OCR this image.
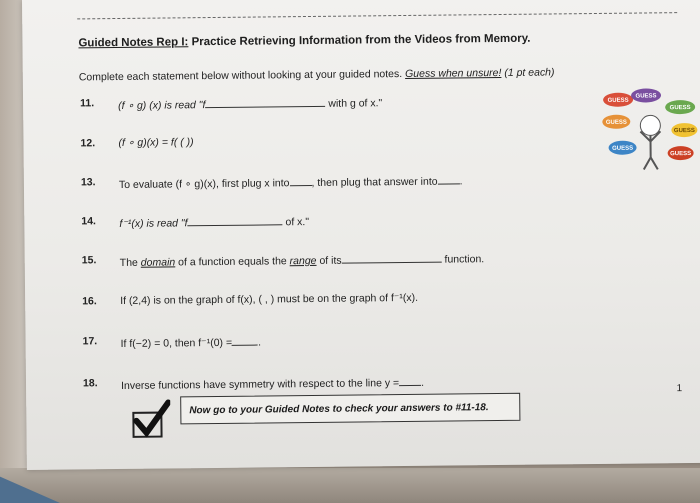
Guided Notes Rep I: Practice Retrieving Information from the Videos from Memory.
Complete each statement below without looking at your guided notes. Guess when unsure! (1 pt each)
11. (f ∘ g) (x) is read "f	with g of x."
12. (f ∘ g)(x) = f( ( ))
13. To evaluate (f ∘ g)(x), first plug x into , then plug that answer into .
14. f⁻¹(x) is read "f	of x."
15. The domain of a function equals the range of its	function.
16. If (2,4) is on the graph of f(x), ( , ) must be on the graph of f⁻¹(x).
17. If f(−2) = 0, then f⁻¹(0) = .
18. Inverse functions have symmetry with respect to the line y = .	1
GUESS
GUESS
GUESS
GUESS
GUESS
GUESS
GUESS
Now go to your Guided Notes to check your answers to #11-18.
